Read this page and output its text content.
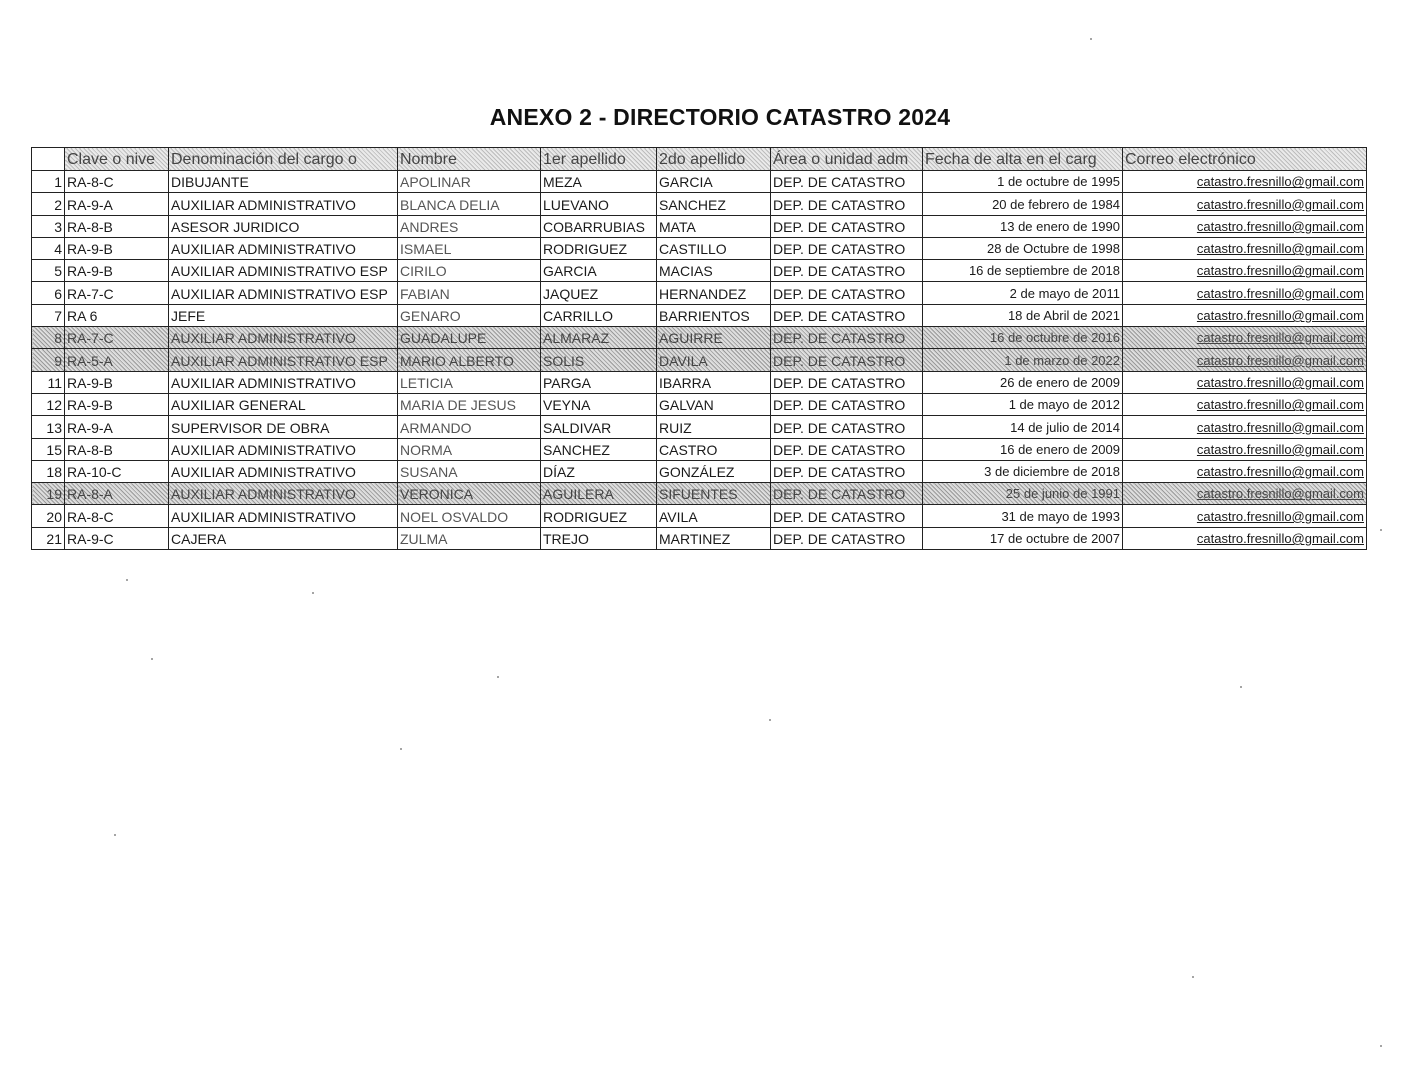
ANEXO 2 - DIRECTORIO CATASTRO 2024
	Clave o nive	Denominación del cargo o	Nombre	1er apellido	2do apellido	Área o unidad adm	Fecha de alta en el carg	Correo electrónico
1	RA-8-C	DIBUJANTE	APOLINAR	MEZA	GARCIA	DEP. DE CATASTRO	1 de octubre de 1995	catastro.fresnillo@gmail.com
2	RA-9-A	AUXILIAR ADMINISTRATIVO	BLANCA DELIA	LUEVANO	SANCHEZ	DEP. DE CATASTRO	20 de febrero de 1984	catastro.fresnillo@gmail.com
3	RA-8-B	ASESOR JURIDICO	ANDRES	COBARRUBIAS	MATA	DEP. DE CATASTRO	13 de enero de 1990	catastro.fresnillo@gmail.com
4	RA-9-B	AUXILIAR ADMINISTRATIVO	ISMAEL	RODRIGUEZ	CASTILLO	DEP. DE CATASTRO	28 de Octubre de 1998	catastro.fresnillo@gmail.com
5	RA-9-B	AUXILIAR ADMINISTRATIVO ESP	CIRILO	GARCIA	MACIAS	DEP. DE CATASTRO	16 de septiembre de 2018	catastro.fresnillo@gmail.com
6	RA-7-C	AUXILIAR ADMINISTRATIVO ESP	FABIAN	JAQUEZ	HERNANDEZ	DEP. DE CATASTRO	2 de mayo de 2011	catastro.fresnillo@gmail.com
7	RA 6	JEFE	GENARO	CARRILLO	BARRIENTOS	DEP. DE CATASTRO	18 de Abril de 2021	catastro.fresnillo@gmail.com
8	RA-7-C	AUXILIAR ADMINISTRATIVO	GUADALUPE	ALMARAZ	AGUIRRE	DEP. DE CATASTRO	16 de octubre de 2016	catastro.fresnillo@gmail.com
9	RA-5-A	AUXILIAR ADMINISTRATIVO ESP	MARIO ALBERTO	SOLIS	DAVILA	DEP. DE CATASTRO	1 de marzo de 2022	catastro.fresnillo@gmail.com
11	RA-9-B	AUXILIAR ADMINISTRATIVO	LETICIA	PARGA	IBARRA	DEP. DE CATASTRO	26 de enero de 2009	catastro.fresnillo@gmail.com
12	RA-9-B	AUXILIAR GENERAL	MARIA DE JESUS	VEYNA	GALVAN	DEP. DE CATASTRO	1 de mayo de 2012	catastro.fresnillo@gmail.com
13	RA-9-A	SUPERVISOR DE OBRA	ARMANDO	SALDIVAR	RUIZ	DEP. DE CATASTRO	14 de julio de 2014	catastro.fresnillo@gmail.com
15	RA-8-B	AUXILIAR ADMINISTRATIVO	NORMA	SANCHEZ	CASTRO	DEP. DE CATASTRO	16 de enero de 2009	catastro.fresnillo@gmail.com
18	RA-10-C	AUXILIAR ADMINISTRATIVO	SUSANA	DÍAZ	GONZÁLEZ	DEP. DE CATASTRO	3 de diciembre de 2018	catastro.fresnillo@gmail.com
19	RA-8-A	AUXILIAR ADMINISTRATIVO	VERONICA	AGUILERA	SIFUENTES	DEP. DE CATASTRO	25 de junio de 1991	catastro.fresnillo@gmail.com
20	RA-8-C	AUXILIAR ADMINISTRATIVO	NOEL OSVALDO	RODRIGUEZ	AVILA	DEP. DE CATASTRO	31 de mayo de 1993	catastro.fresnillo@gmail.com
21	RA-9-C	CAJERA	ZULMA	TREJO	MARTINEZ	DEP. DE CATASTRO	17 de octubre de 2007	catastro.fresnillo@gmail.com
